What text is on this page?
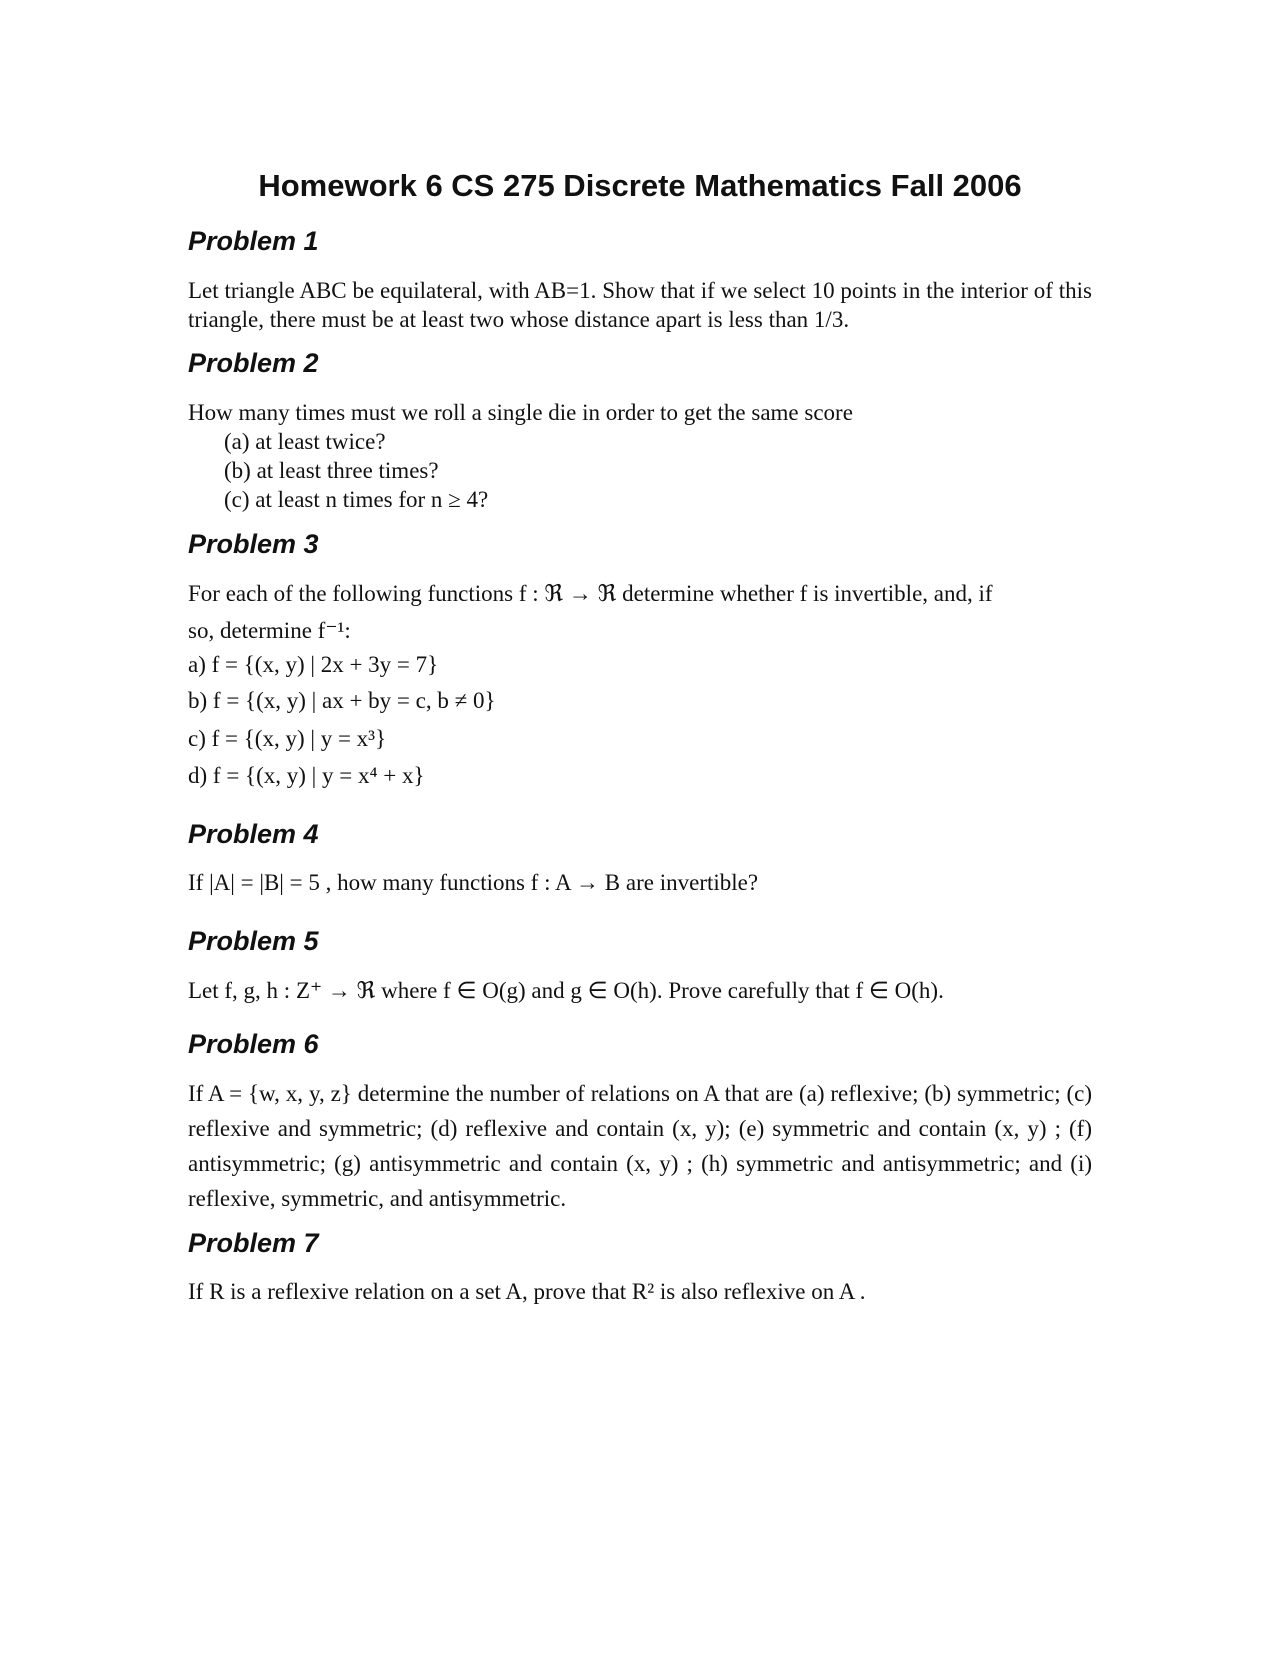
Homework 6 CS 275 Discrete Mathematics Fall 2006
Problem 1

Let triangle ABC be equilateral, with AB=1. Show that if we select 10 points in the interior of this triangle, there must be at least two whose distance apart is less than 1/3.

Problem 2

How many times must we roll a single die in order to get the same score

(a) at least twice?
(b) at least three times?
(c) at least n times for n ≥ 4?
Problem 3

For each of the following functions f : ℜ → ℜ determine whether f is invertible, and, if

so, determine f⁻¹:

a) f = {(x, y) | 2x + 3y = 7}
b) f = {(x, y) | ax + by = c, b ≠ 0}
c) f = {(x, y) | y = x³}
d) f = {(x, y) | y = x⁴ + x}
Problem 4

If |A| = |B| = 5 , how many functions f : A → B are invertible?

Problem 5

Let f, g, h : Z⁺ → ℜ where f ∈ O(g) and g ∈ O(h). Prove carefully that f ∈ O(h).

Problem 6

If A = {w, x, y, z} determine the number of relations on A that are (a) reflexive; (b) symmetric; (c) reflexive and symmetric; (d) reflexive and contain (x, y); (e) symmetric and contain (x, y) ; (f) antisymmetric; (g) antisymmetric and contain (x, y) ; (h) symmetric and antisymmetric; and (i) reflexive, symmetric, and antisymmetric.

Problem 7

If R is a reflexive relation on a set A, prove that R² is also reflexive on A .
